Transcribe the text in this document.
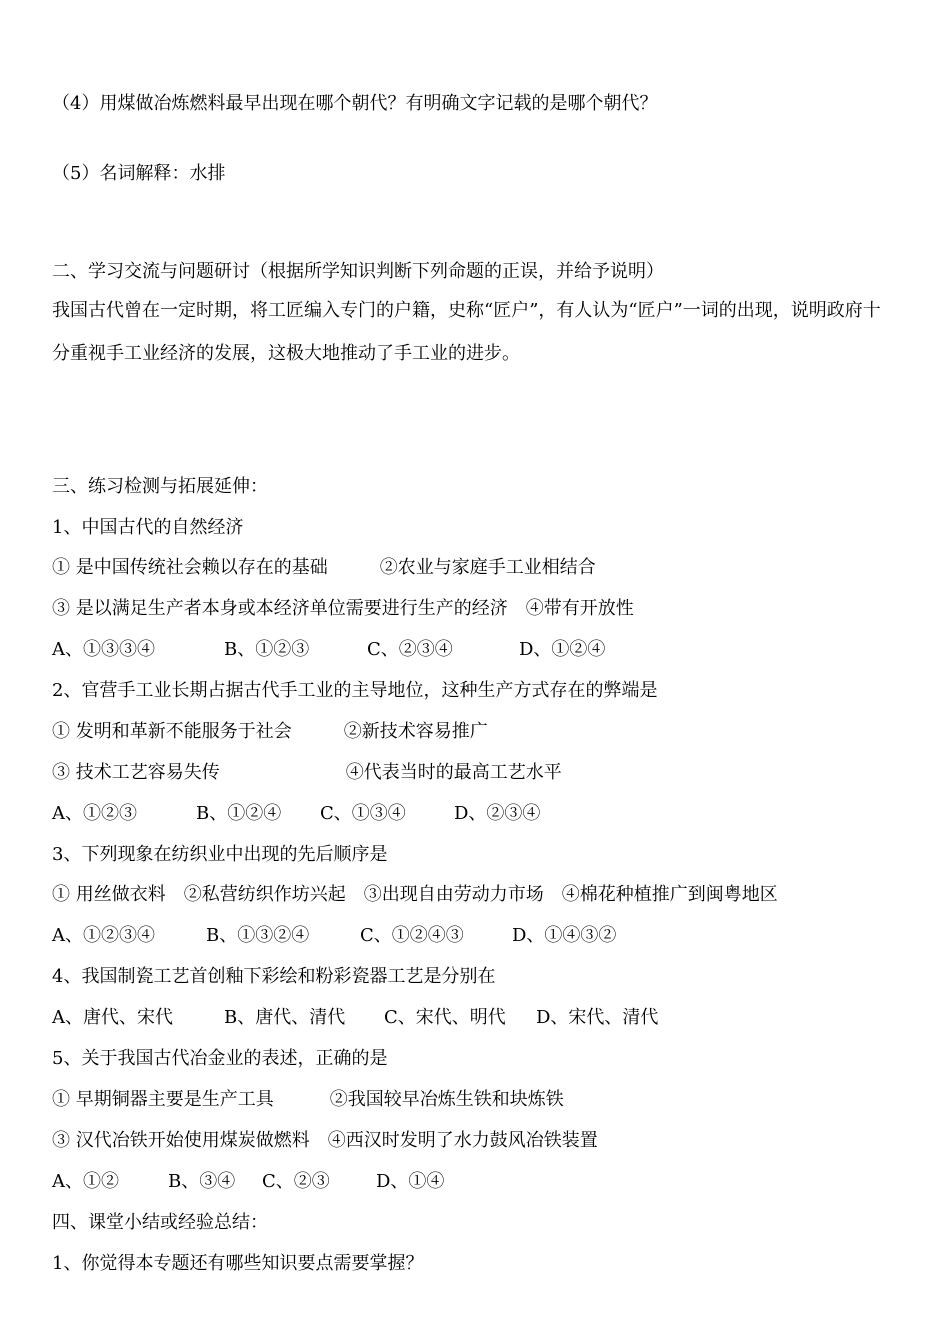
（4）用煤做冶炼燃料最早出现在哪个朝代？有明确文字记载的是哪个朝代？
（5）名词解释：水排
二、学习交流与问题研讨（根据所学知识判断下列命题的正误，并给予说明）
我国古代曾在一定时期，将工匠编入专门的户籍，史称“匠户”，有人认为“匠户”一词的出现，说明政府十分重视手工业经济的发展，这极大地推动了手工业的进步。
三、练习检测与拓展延伸：
1、中国古代的自然经济
① 是中国传统社会赖以存在的基础	②农业与家庭手工业相结合
③ 是以满足生产者本身或本经济单位需要进行生产的经济 ④带有开放性
A、①③③④	B、①②③	C、②③④	D、①②④
2、官营手工业长期占据古代手工业的主导地位，这种生产方式存在的弊端是
① 发明和革新不能服务于社会	②新技术容易推广
③ 技术工艺容易失传	④代表当时的最高工艺水平
A、①②③	B、①②④ C、①③④	D、②③④
3、下列现象在纺织业中出现的先后顺序是
① 用丝做衣料 ②私营纺织作坊兴起 ③出现自由劳动力市场 ④棉花种植推广到闽粤地区
A、①②③④	B、①③②④	C、①②④③	D、①④③②
4、我国制瓷工艺首创釉下彩绘和粉彩瓷器工艺是分别在
A、唐代、宋代	B、唐代、清代 C、宋代、明代 D、宋代、清代
5、关于我国古代冶金业的表述，正确的是
① 早期铜器主要是生产工具	②我国较早冶炼生铁和块炼铁
③ 汉代冶铁开始使用煤炭做燃料 ④西汉时发明了水力鼓风冶铁装置
A、①②	B、③④ C、②③	D、①④
四、课堂小结或经验总结：
1、你觉得本专题还有哪些知识要点需要掌握？
